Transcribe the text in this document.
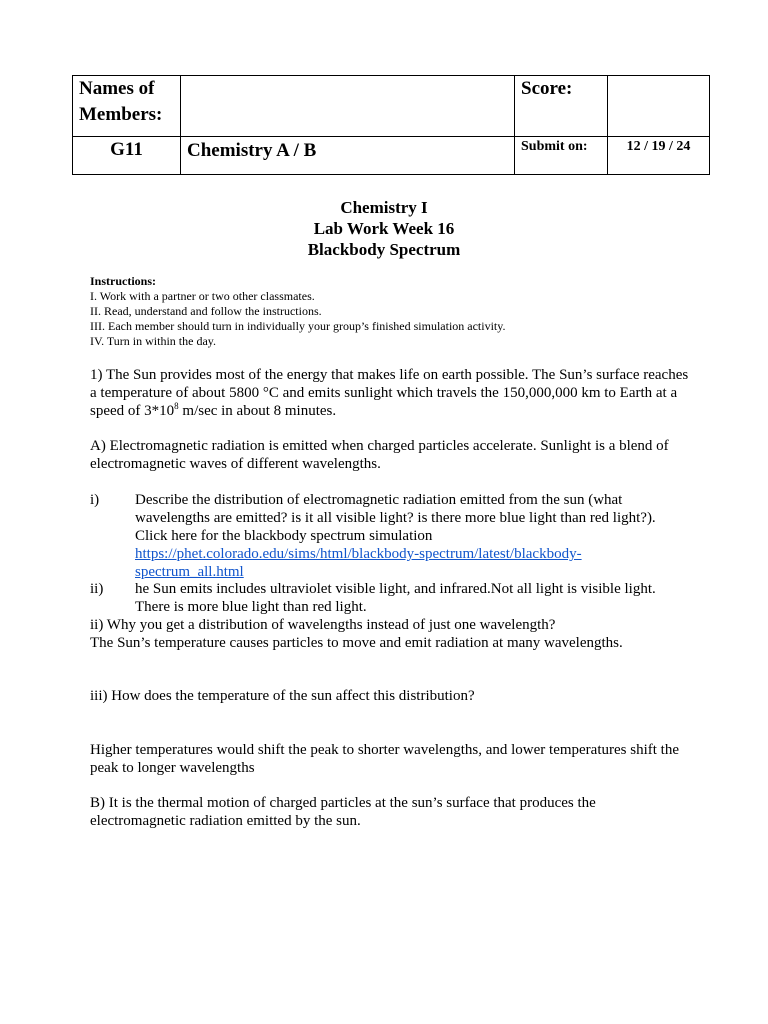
Names of Members:		Score:	
G11	Chemistry A / B	Submit on:	12 / 19 / 24
Chemistry I
Lab Work Week 16
Blackbody Spectrum
Instructions:
I. Work with a partner or two other classmates.
II. Read, understand and follow the instructions.
III. Each member should turn in individually your group’s finished simulation activity.
IV. Turn in within the day.
1) The Sun provides most of the energy that makes life on earth possible. The Sun’s surface reaches a temperature of about 5800 °C and emits sunlight which travels the 150,000,000 km to Earth at a speed of $3*10^8$ m/sec in about 8 minutes.
A) Electromagnetic radiation is emitted when charged particles accelerate. Sunlight is a blend of electromagnetic waves of different wavelengths.
i) Describe the distribution of electromagnetic radiation emitted from the sun (what wavelengths are emitted? is it all visible light? is there more blue light than red light?). Click here for the blackbody spectrum simulation
https://phet.colorado.edu/sims/html/blackbody-spectrum/latest/blackbody-spectrum_all.html
ii) he Sun emits includes ultraviolet visible light, and infrared.Not all light is visible light. There is more blue light than red light.
ii) Why you get a distribution of wavelengths instead of just one wavelength?
The Sun’s temperature causes particles to move and emit radiation at many wavelengths.
iii) How does the temperature of the sun affect this distribution?
Higher temperatures would shift the peak to shorter wavelengths, and lower temperatures shift the peak to longer wavelengths
B) It is the thermal motion of charged particles at the sun’s surface that produces the electromagnetic radiation emitted by the sun.
